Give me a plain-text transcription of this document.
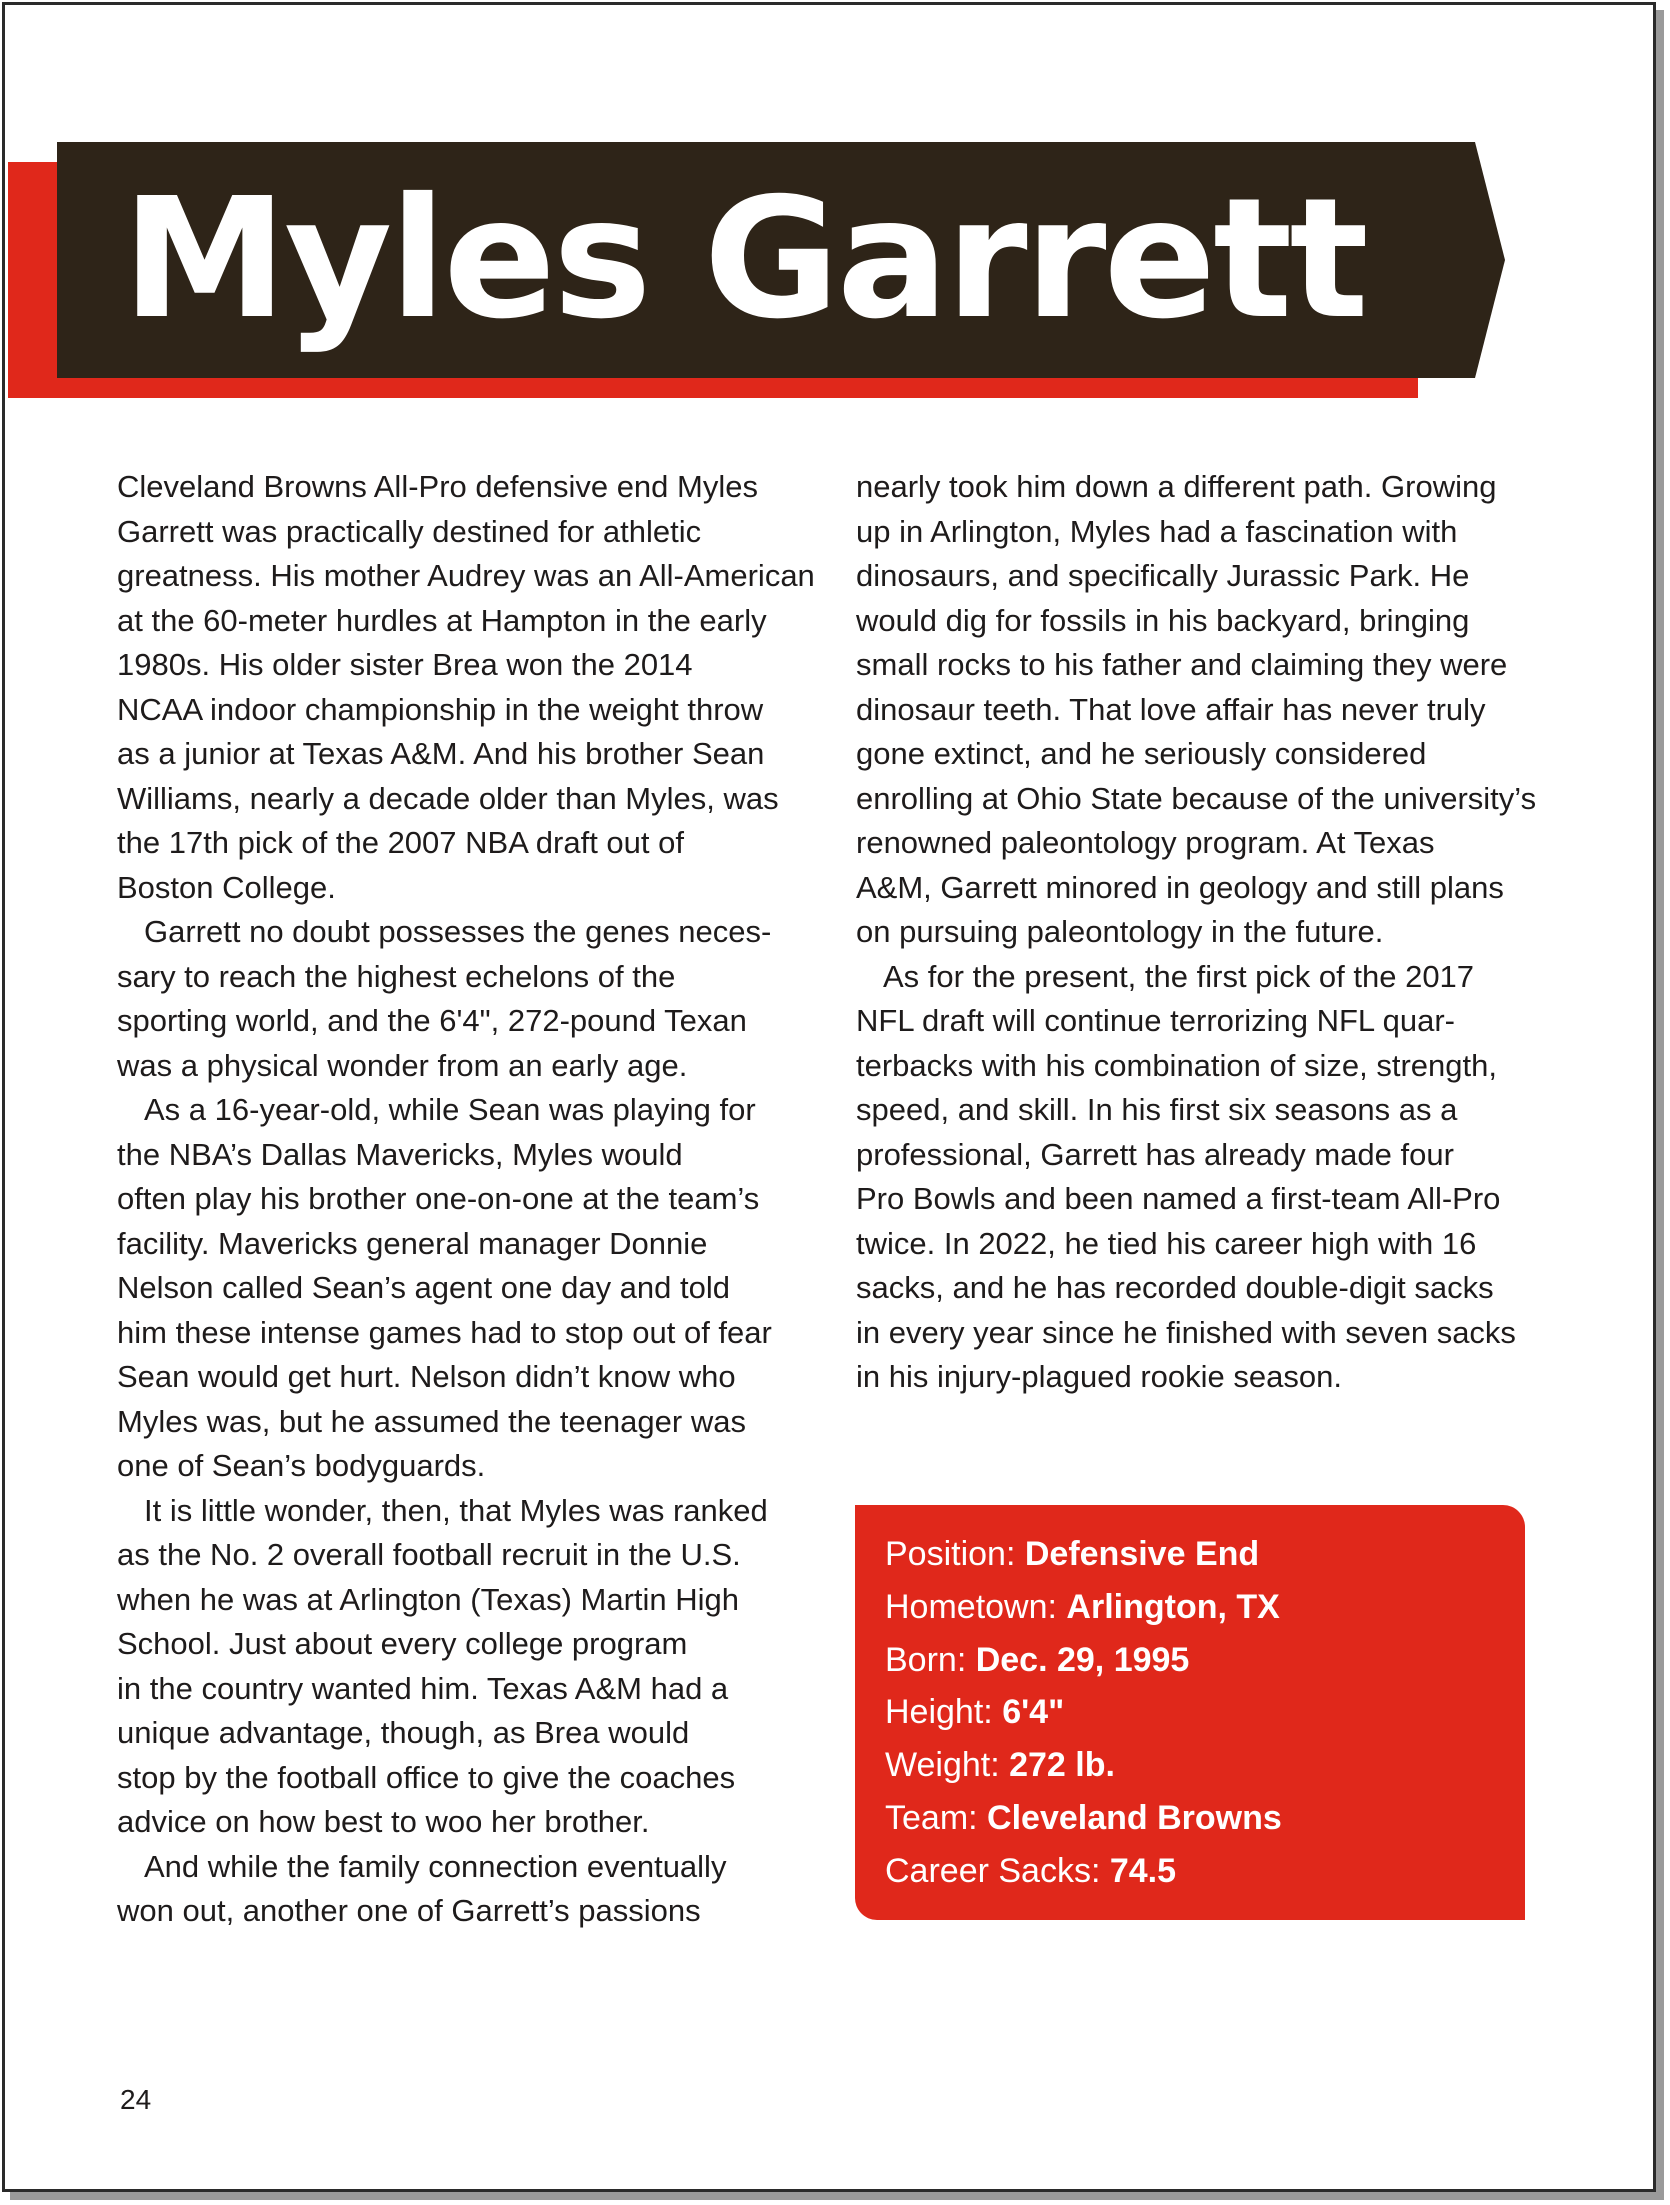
Myles Garrett
Cleveland Browns All-Pro defensive end Myles
Garrett was practically destined for athletic
greatness. His mother Audrey was an All-American
at the 60-meter hurdles at Hampton in the early
1980s. His older sister Brea won the 2014
NCAA indoor championship in the weight throw
as a junior at Texas A&M. And his brother Sean
Williams, nearly a decade older than Myles, was
the 17th pick of the 2007 NBA draft out of
Boston College.
Garrett no doubt possesses the genes neces-
sary to reach the highest echelons of the
sporting world, and the 6'4", 272-pound Texan
was a physical wonder from an early age.
As a 16-year-old, while Sean was playing for
the NBA’s Dallas Mavericks, Myles would
often play his brother one-on-one at the team’s
facility. Mavericks general manager Donnie
Nelson called Sean’s agent one day and told
him these intense games had to stop out of fear
Sean would get hurt. Nelson didn’t know who
Myles was, but he assumed the teenager was
one of Sean’s bodyguards.
It is little wonder, then, that Myles was ranked
as the No. 2 overall football recruit in the U.S.
when he was at Arlington (Texas) Martin High
School. Just about every college program
in the country wanted him. Texas A&M had a
unique advantage, though, as Brea would
stop by the football office to give the coaches
advice on how best to woo her brother.
And while the family connection eventually
won out, another one of Garrett’s passions
nearly took him down a different path. Growing
up in Arlington, Myles had a fascination with
dinosaurs, and specifically Jurassic Park. He
would dig for fossils in his backyard, bringing
small rocks to his father and claiming they were
dinosaur teeth. That love affair has never truly
gone extinct, and he seriously considered
enrolling at Ohio State because of the university’s
renowned paleontology program. At Texas
A&M, Garrett minored in geology and still plans
on pursuing paleontology in the future.
As for the present, the first pick of the 2017
NFL draft will continue terrorizing NFL quar-
terbacks with his combination of size, strength,
speed, and skill. In his first six seasons as a
professional, Garrett has already made four
Pro Bowls and been named a first-team All-Pro
twice. In 2022, he tied his career high with 16
sacks, and he has recorded double-digit sacks
in every year since he finished with seven sacks
in his injury-plagued rookie season.
Position: Defensive End
Hometown: Arlington, TX
Born: Dec. 29, 1995
Height: 6'4"
Weight: 272 lb.
Team: Cleveland Browns
Career Sacks: 74.5
24
